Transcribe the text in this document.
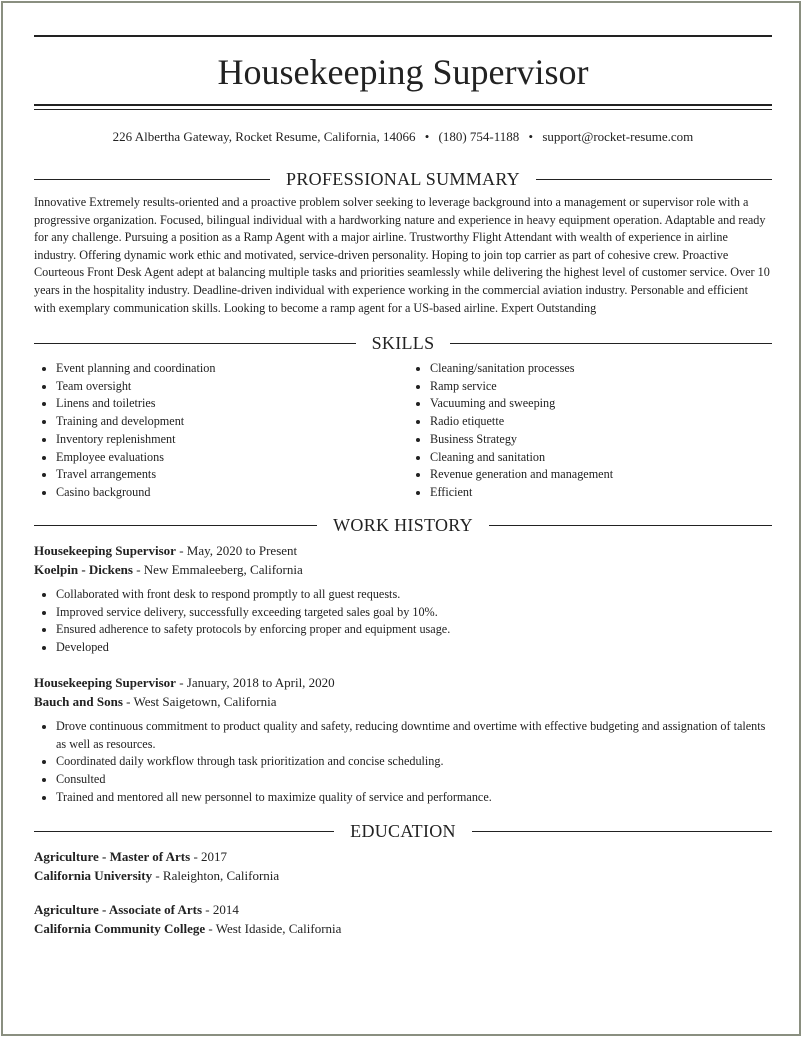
Housekeeping Supervisor
226 Albertha Gateway, Rocket Resume, California, 14066 • (180) 754-1188 • support@rocket-resume.com
PROFESSIONAL SUMMARY

Innovative Extremely results-oriented and a proactive problem solver seeking to leverage background into a management or supervisor role with a progressive organization. Focused, bilingual individual with a hardworking nature and experience in heavy equipment operation. Adaptable and ready for any challenge. Pursuing a position as a Ramp Agent with a major airline. Trustworthy Flight Attendant with wealth of experience in airline industry. Offering dynamic work ethic and motivated, service-driven personality. Hoping to join top carrier as part of cohesive crew. Proactive Courteous Front Desk Agent adept at balancing multiple tasks and priorities seamlessly while delivering the highest level of customer service. Over 10 years in the hospitality industry. Deadline-driven individual with experience working in the commercial aviation industry. Personable and efficient with exemplary communication skills. Looking to become a ramp agent for a US-based airline. Expert Outstanding

SKILLS
Event planning and coordination
Team oversight
Linens and toiletries
Training and development
Inventory replenishment
Employee evaluations
Travel arrangements
Casino background
Cleaning/sanitation processes
Ramp service
Vacuuming and sweeping
Radio etiquette
Business Strategy
Cleaning and sanitation
Revenue generation and management
Efficient
WORK HISTORY
Housekeeping Supervisor - May, 2020 to Present
Koelpin - Dickens - New Emmaleeberg, California
Collaborated with front desk to respond promptly to all guest requests.
Improved service delivery, successfully exceeding targeted sales goal by 10%.
Ensured adherence to safety protocols by enforcing proper and equipment usage.
Developed
Housekeeping Supervisor - January, 2018 to April, 2020
Bauch and Sons - West Saigetown, California
Drove continuous commitment to product quality and safety, reducing downtime and overtime with effective budgeting and assignation of talents as well as resources.
Coordinated daily workflow through task prioritization and concise scheduling.
Consulted
Trained and mentored all new personnel to maximize quality of service and performance.
EDUCATION
Agriculture - Master of Arts - 2017
California University - Raleighton, California
Agriculture - Associate of Arts - 2014
California Community College - West Idaside, California
